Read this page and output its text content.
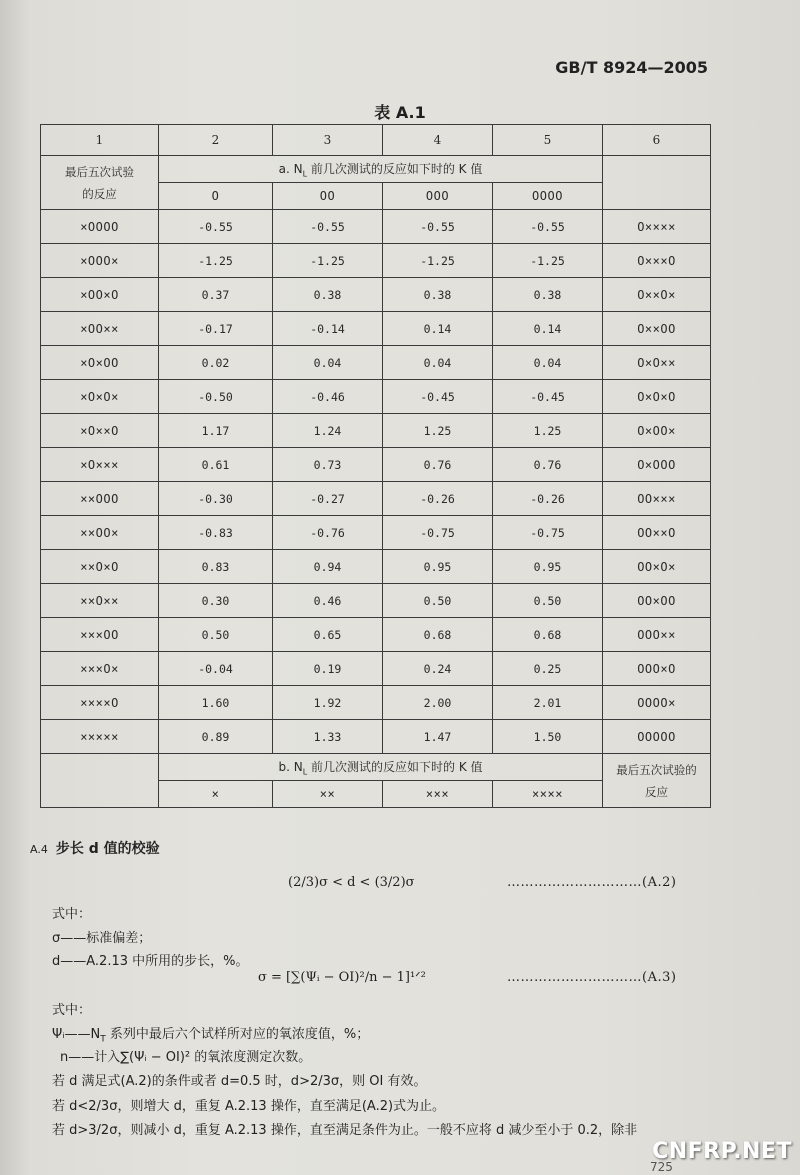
GB/T 8924—2005
表 A.1
1	2	3	4	5	6

最后五次试验的反应	a. $N_L$ 前几次测试的反应如下时的 K 值				
	O	OO	OOO	OOOO	
×OOOO	-0.55	-0.55	-0.55	-0.55	O××××
×OOO×	-1.25	-1.25	-1.25	-1.25	O×××O
×OO×O	0.37	0.38	0.38	0.38	O××O×
×OO××	-0.17	-0.14	0.14	0.14	O××OO
×O×OO	0.02	0.04	0.04	0.04	O×O××
×O×O×	-0.50	-0.46	-0.45	-0.45	O×O×O
×O××O	1.17	1.24	1.25	1.25	O×OO×
×O×××	0.61	0.73	0.76	0.76	O×OOO
××OOO	-0.30	-0.27	-0.26	-0.26	OO×××
××OO×	-0.83	-0.76	-0.75	-0.75	OO××O
××O×O	0.83	0.94	0.95	0.95	OO×O×
××O××	0.30	0.46	0.50	0.50	OO×OO
×××OO	0.50	0.65	0.68	0.68	OOO××
×××O×	-0.04	0.19	0.24	0.25	OOO×O
××××O	1.60	1.92	2.00	2.01	OOOO×
×××××	0.89	1.33	1.47	1.50	OOOOO
	b. $N_L$ 前几次测试的反应如下时的 K 值				最后五次试验的反应

	×	××	×××	××××	
A.4 步长 d 值的校验
(2/3)σ < d < (3/2)σ	…………………………(A.2)
式中：
σ——标准偏差；
d——A.2.13 中所用的步长，%。
σ = [∑(Ψᵢ − OI)²/n − 1]¹ᐟ²	…………………………(A.3)
式中：
$\Psi ᵢ——N_T$ 系列中最后六个试样所对应的氧浓度值，%；
n——计入∑(Ψᵢ − OI)² 的氧浓度测定次数。
若 d 满足式(A.2)的条件或者 d=0.5 时，d>2/3σ，则 OI 有效。
若 d<2/3σ，则增大 d，重复 A.2.13 操作，直至满足(A.2)式为止。
若 d>3/2σ，则减小 d，重复 A.2.13 操作，直至满足条件为止。一般不应将 d 减少至小于 0.2，除非
725
CNFRP.NET
